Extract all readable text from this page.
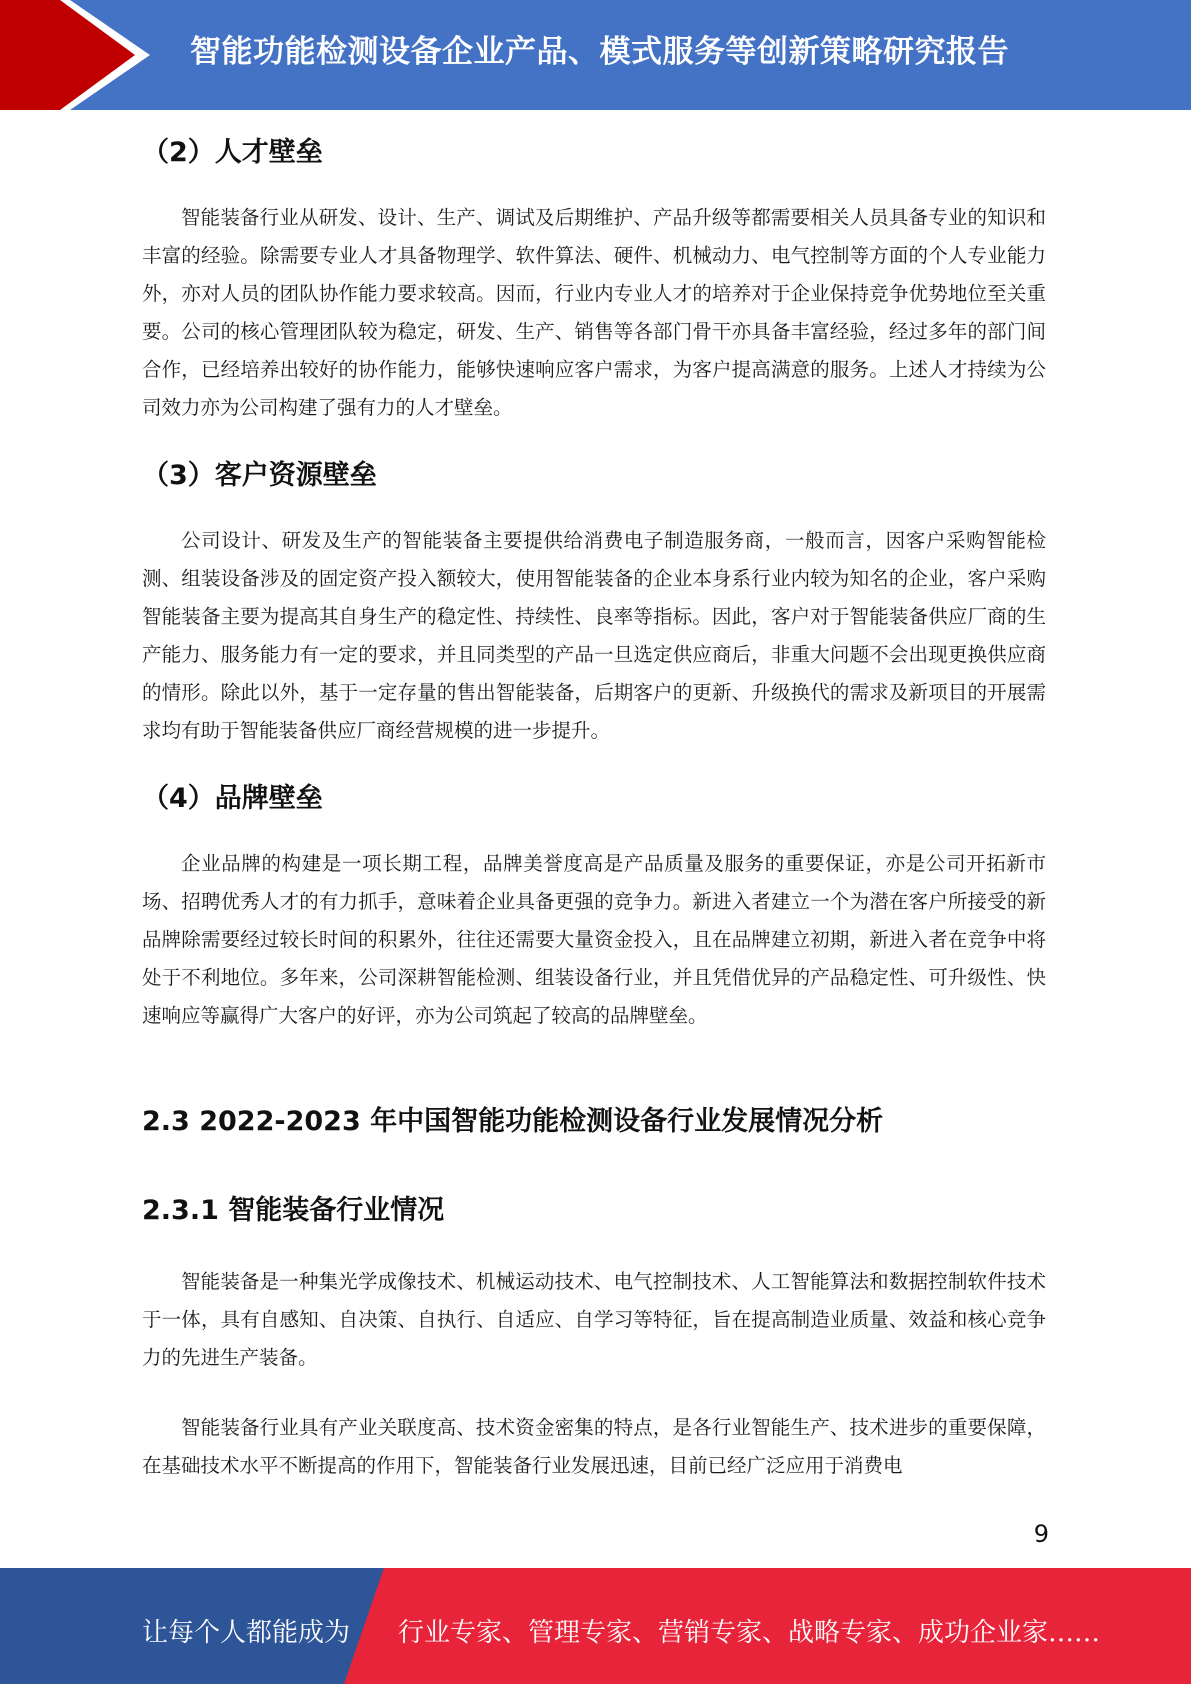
智能功能检测设备企业产品、模式服务等创新策略研究报告
（2）人才壁垒

智能装备行业从研发、设计、生产、调试及后期维护、产品升级等都需要相关人员具备专业的知识和丰富的经验。除需要专业人才具备物理学、软件算法、硬件、机械动力、电气控制等方面的个人专业能力外，亦对人员的团队协作能力要求较高。因而，行业内专业人才的培养对于企业保持竞争优势地位至关重要。公司的核心管理团队较为稳定，研发、生产、销售等各部门骨干亦具备丰富经验，经过多年的部门间合作，已经培养出较好的协作能力，能够快速响应客户需求，为客户提高满意的服务。上述人才持续为公司效力亦为公司构建了强有力的人才壁垒。

（3）客户资源壁垒

公司设计、研发及生产的智能装备主要提供给消费电子制造服务商，一般而言，因客户采购智能检测、组装设备涉及的固定资产投入额较大，使用智能装备的企业本身系行业内较为知名的企业，客户采购智能装备主要为提高其自身生产的稳定性、持续性、良率等指标。因此，客户对于智能装备供应厂商的生产能力、服务能力有一定的要求，并且同类型的产品一旦选定供应商后，非重大问题不会出现更换供应商的情形。除此以外，基于一定存量的售出智能装备，后期客户的更新、升级换代的需求及新项目的开展需求均有助于智能装备供应厂商经营规模的进一步提升。

（4）品牌壁垒

企业品牌的构建是一项长期工程，品牌美誉度高是产品质量及服务的重要保证，亦是公司开拓新市场、招聘优秀人才的有力抓手，意味着企业具备更强的竞争力。新进入者建立一个为潜在客户所接受的新品牌除需要经过较长时间的积累外，往往还需要大量资金投入，且在品牌建立初期，新进入者在竞争中将处于不利地位。多年来，公司深耕智能检测、组装设备行业，并且凭借优异的产品稳定性、可升级性、快速响应等赢得广大客户的好评，亦为公司筑起了较高的品牌壁垒。

2.3 2022-2023 年中国智能功能检测设备行业发展情况分析
2.3.1 智能装备行业情况

智能装备是一种集光学成像技术、机械运动技术、电气控制技术、人工智能算法和数据控制软件技术于一体，具有自感知、自决策、自执行、自适应、自学习等特征，旨在提高制造业质量、效益和核心竞争力的先进生产装备。

智能装备行业具有产业关联度高、技术资金密集的特点，是各行业智能生产、技术进步的重要保障，在基础技术水平不断提高的作用下，智能装备行业发展迅速，目前已经广泛应用于消费电

9
让每个人都能成为 行业专家、管理专家、营销专家、战略专家、成功企业家……
